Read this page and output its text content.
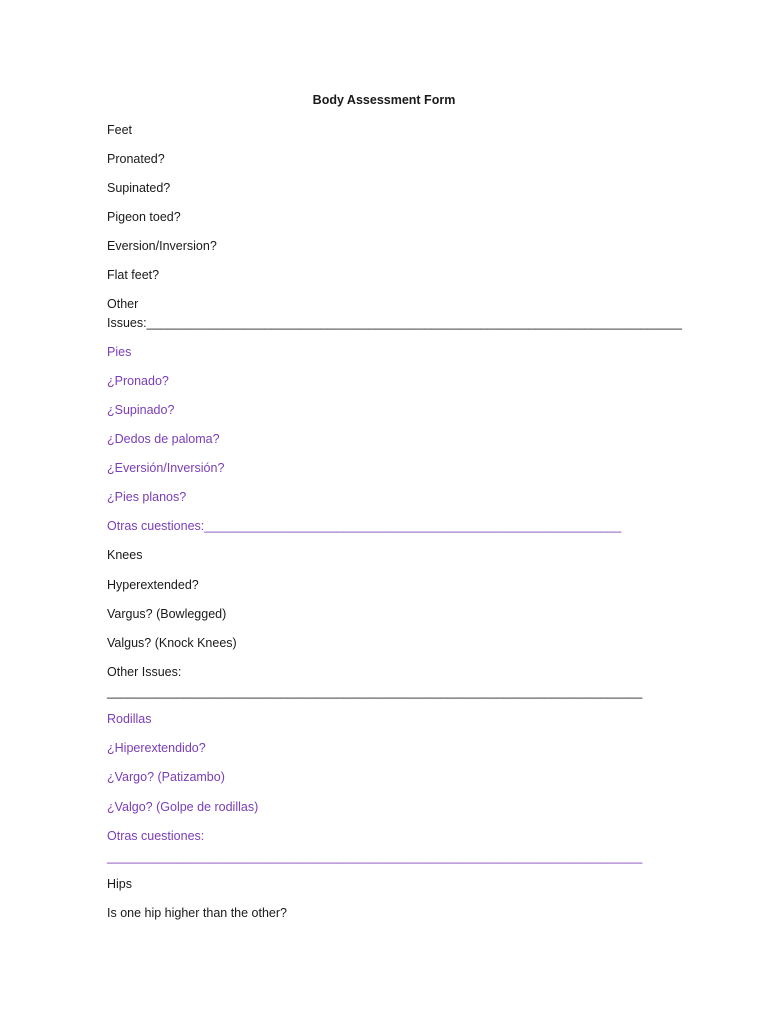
Body Assessment Form
Feet
Pronated?
Supinated?
Pigeon toed?
Eversion/Inversion?
Flat feet?
Other
Issues:_____________________________________________________________________________
Pies
¿Pronado?
¿Supinado?
¿Dedos de paloma?
¿Eversión/Inversión?
¿Pies planos?
Otras cuestiones:____________________________________________________________
Knees
Hyperextended?
Vargus? (Bowlegged)
Valgus? (Knock Knees)
Other Issues:
_____________________________________________________________________________
Rodillas
¿Hiperextendido?
¿Vargo? (Patizambo)
¿Valgo? (Golpe de rodillas)
Otras cuestiones:
_____________________________________________________________________________
Hips
Is one hip higher than the other?
